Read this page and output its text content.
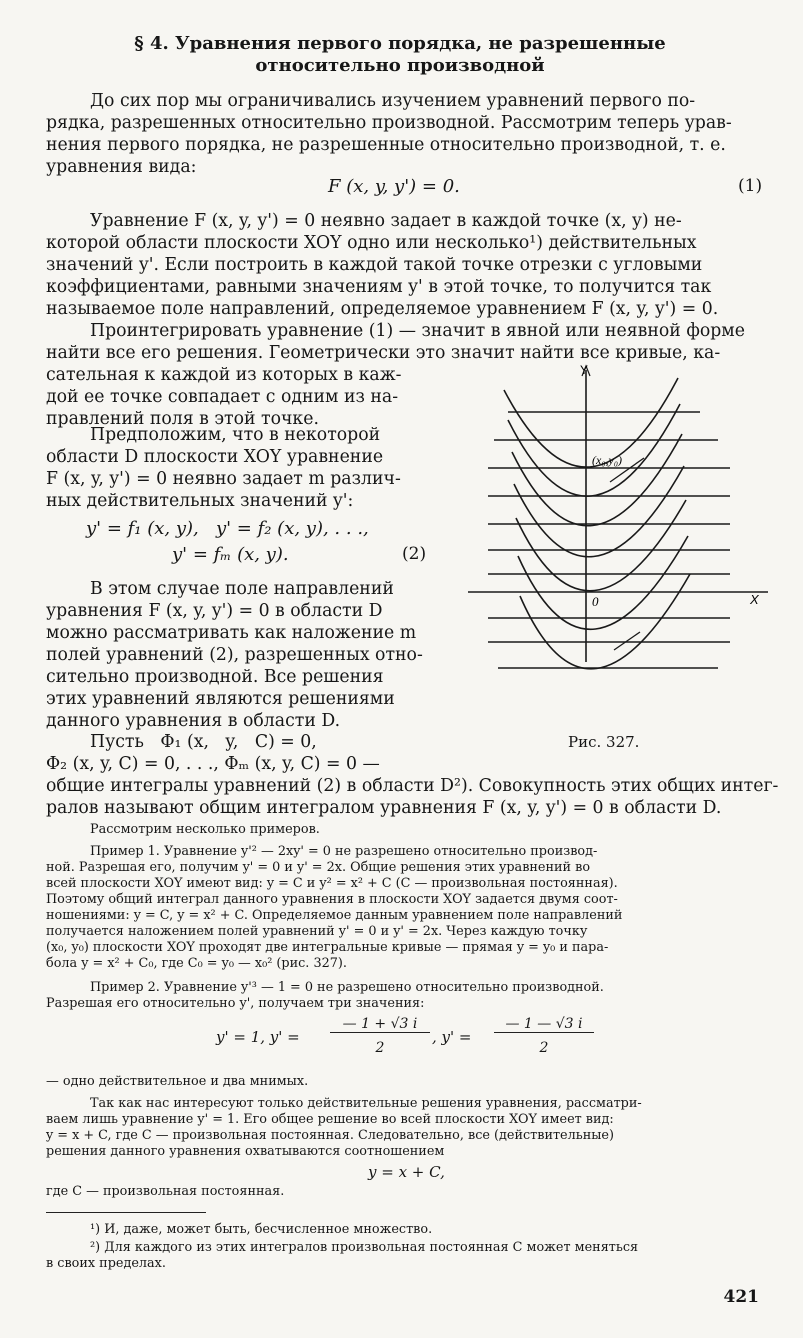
§ 4. Уравнения первого порядка, не разрешенные
относительно производной
До сих пор мы ограничивались изучением уравнений первого по-
рядка, разрешенных относительно производной. Рассмотрим теперь урав-
нения первого порядка, не разрешенные относительно производной, т. е.
уравнения вида:
F (x, y, y') = 0.	(1)
Уравнение F (x, y, y') = 0 неявно задает в каждой точке (x, y) не-
которой области плоскости XOY одно или несколько¹) действительных
значений y'. Если построить в каждой такой точке отрезки с угловыми
коэффициентами, равными значениям y' в этой точке, то получится так
называемое поле направлений, определяемое уравнением F (x, y, y') = 0.
Проинтегрировать уравнение (1) — значит в явной или неявной форме
найти все его решения. Геометрически это значит найти все кривые, ка-
сательная к каждой из которых в каж-
дой ее точке совпадает с одним из на-
правлений поля в этой точке.
Предположим, что в некоторой
области D плоскости XOY уравнение
F (x, y, y') = 0 неявно задает m различ-
ных действительных значений y':
y' = f₁ (x, y),   y' = f₂ (x, y), . . .,
y' = fₘ (x, y).	(2)
В этом случае поле направлений
уравнения F (x, y, y') = 0 в области D
можно рассматривать как наложение m
полей уравнений (2), разрешенных отно-
сительно производной. Все решения
этих уравнений являются решениями
данного уравнения в области D.
Пусть   Φ₁ (x,   y,   C) = 0,
Φ₂ (x, y, C) = 0, . . ., Φₘ (x, y, C) = 0 —
общие интегралы уравнений (2) в области D²). Совокупность этих общих интег-
ралов называют общим интегралом уравнения F (x, y, y') = 0 в области D.
Y
X
0
(x₀,y₀)
Рис. 327.
Рассмотрим несколько примеров.
Пример 1. Уравнение y'² — 2xy' = 0 не разрешено относительно производ-
ной. Разрешая его, получим y' = 0 и y' = 2x. Общие решения этих уравнений во
всей плоскости XOY имеют вид: y = C и y² = x² + C (C — произвольная постоянная).
Поэтому общий интеграл данного уравнения в плоскости XOY задается двумя соот-
ношениями: y = C, y = x² + C. Определяемое данным уравнением поле направлений
получается наложением полей уравнений y' = 0 и y' = 2x. Через каждую точку
(x₀, y₀) плоскости XOY проходят две интегральные кривые — прямая y = y₀ и пара-
бола y = x² + C₀, где C₀ = y₀ — x₀² (рис. 327).
Пример 2. Уравнение y'³ — 1 = 0 не разрешено относительно производной.
Разрешая его относительно y', получаем три значения:
y' = 1, y' =
— 1 + √3 i
2
, y' =
— 1 — √3 i
2
— одно действительное и два мнимых.
Так как нас интересуют только действительные решения уравнения, рассматри-
ваем лишь уравнение y' = 1. Его общее решение во всей плоскости XOY имеет вид:
y = x + C, где C — произвольная постоянная. Следовательно, все (действительные)
решения данного уравнения охватываются соотношением
y = x + C,
где C — произвольная постоянная.
¹) И, даже, может быть, бесчисленное множество.
²) Для каждого из этих интегралов произвольная постоянная C может меняться
в своих пределах.
421
